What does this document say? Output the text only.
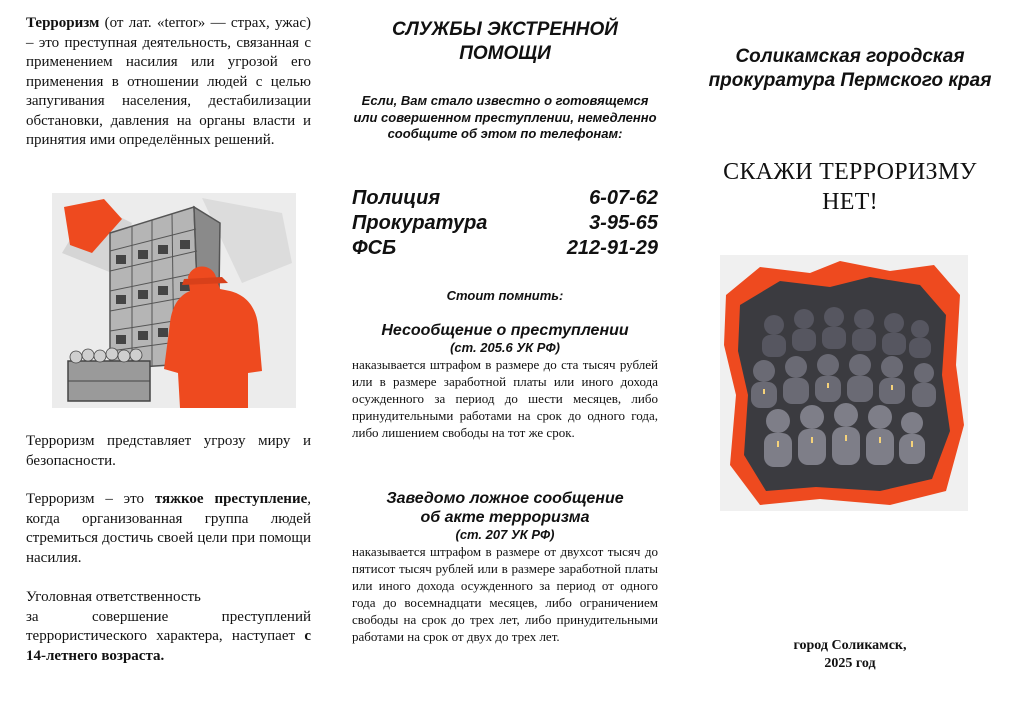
Терроризм (от лат. «terror» — страх, ужас) – это преступная деятельность, связанная с применением насилия или угрозой его применения в отношении людей с целью запугивания населения, дестабилизации обстановки, давления на органы власти и принятия ими определённых решений.

Терроризм представляет угрозу миру и безопасности.

Терроризм – это тяжкое преступление, когда организованная группа людей стремиться достичь своей цели при помощи насилия.

Уголовная ответственность

за совершение преступлений террористического характера, наступает с 14-летнего возраста.

СЛУЖБЫ ЭКСТРЕННОЙ ПОМОЩИ
Если, Вам стало известно о готовящемся или совершенном преступлении, немедленно сообщите об этом по телефонам:
Полиция	6-07-62
Прокуратура	3-95-65
ФСБ	212-91-29
Стоит помнить:
Несообщение о преступлении
(ст. 205.6 УК РФ)

наказывается штрафом в размере до ста тысяч рублей или в размере заработной платы или иного дохода осужденного за период до шести месяцев, либо принудительными работами на срок до одного года, либо лишением свободы на тот же срок.

Заведомо ложное сообщение
об акте терроризма
(ст. 207 УК РФ)

наказывается штрафом в размере от двухсот тысяч до пятисот тысяч рублей или в размере заработной платы или иного дохода осужденного за период от одного года до восемнадцати месяцев, либо ограничением свободы на срок до трех лет, либо принудительными работами на срок от двух до трех лет.

Соликамская городская прокуратура Пермского края
СКАЖИ ТЕРРОРИЗМУ НЕТ!
город Соликамск,
2025 год
